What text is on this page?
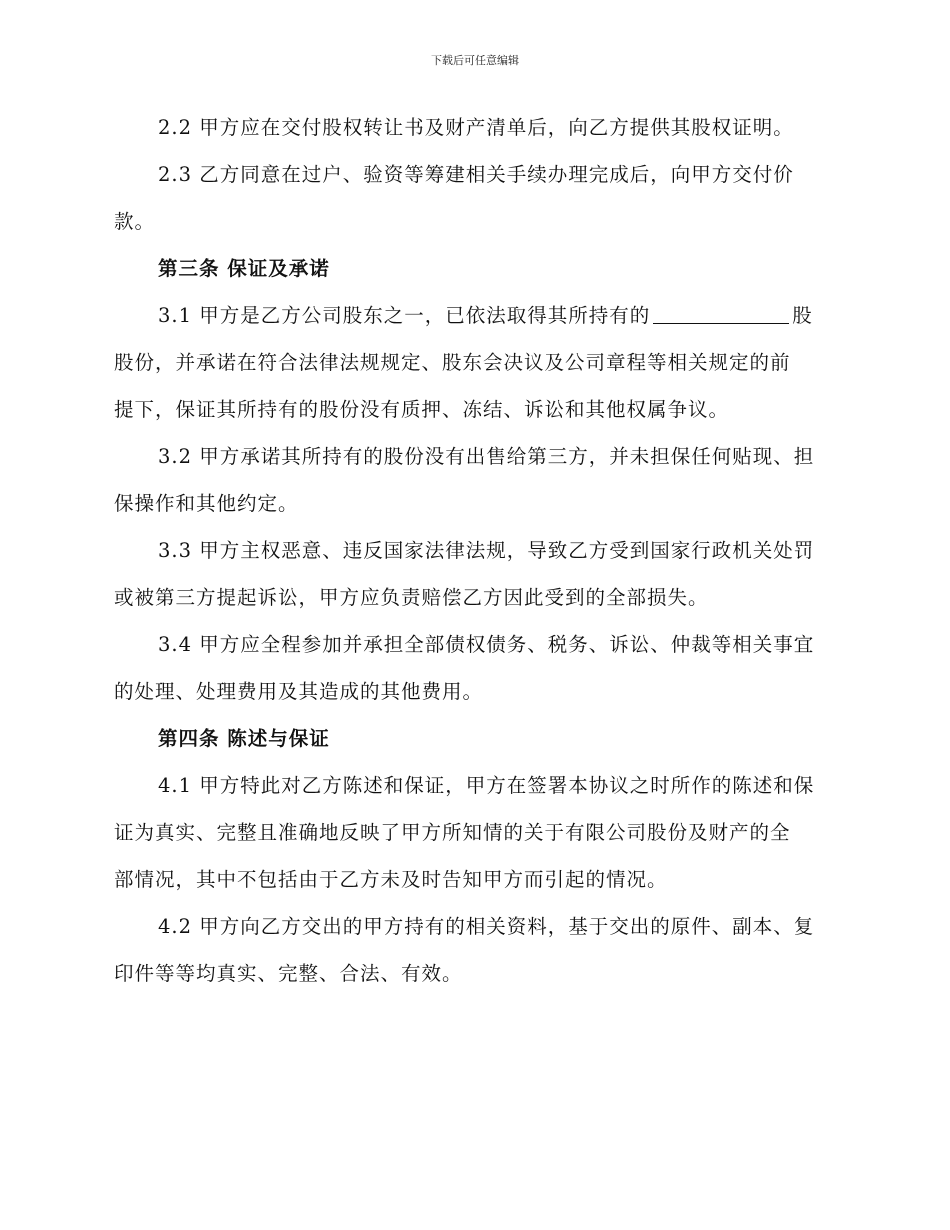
下载后可任意编辑
2.2 甲方应在交付股权转让书及财产清单后，向乙方提供其股权证明。
2.3 乙方同意在过户、验资等筹建相关手续办理完成后，向甲方交付价
款。
第三条 保证及承诺
3.1 甲方是乙方公司股东之一，已依法取得其所持有的	股
股份，并承诺在符合法律法规规定、股东会决议及公司章程等相关规定的前
提下，保证其所持有的股份没有质押、冻结、诉讼和其他权属争议。
3.2 甲方承诺其所持有的股份没有出售给第三方，并未担保任何贴现、担
保操作和其他约定。
3.3 甲方主权恶意、违反国家法律法规，导致乙方受到国家行政机关处罚
或被第三方提起诉讼，甲方应负责赔偿乙方因此受到的全部损失。
3.4 甲方应全程参加并承担全部债权债务、税务、诉讼、仲裁等相关事宜
的处理、处理费用及其造成的其他费用。
第四条 陈述与保证
4.1 甲方特此对乙方陈述和保证，甲方在签署本协议之时所作的陈述和保
证为真实、完整且准确地反映了甲方所知情的关于有限公司股份及财产的全
部情况，其中不包括由于乙方未及时告知甲方而引起的情况。
4.2 甲方向乙方交出的甲方持有的相关资料，基于交出的原件、副本、复
印件等等均真实、完整、合法、有效。
